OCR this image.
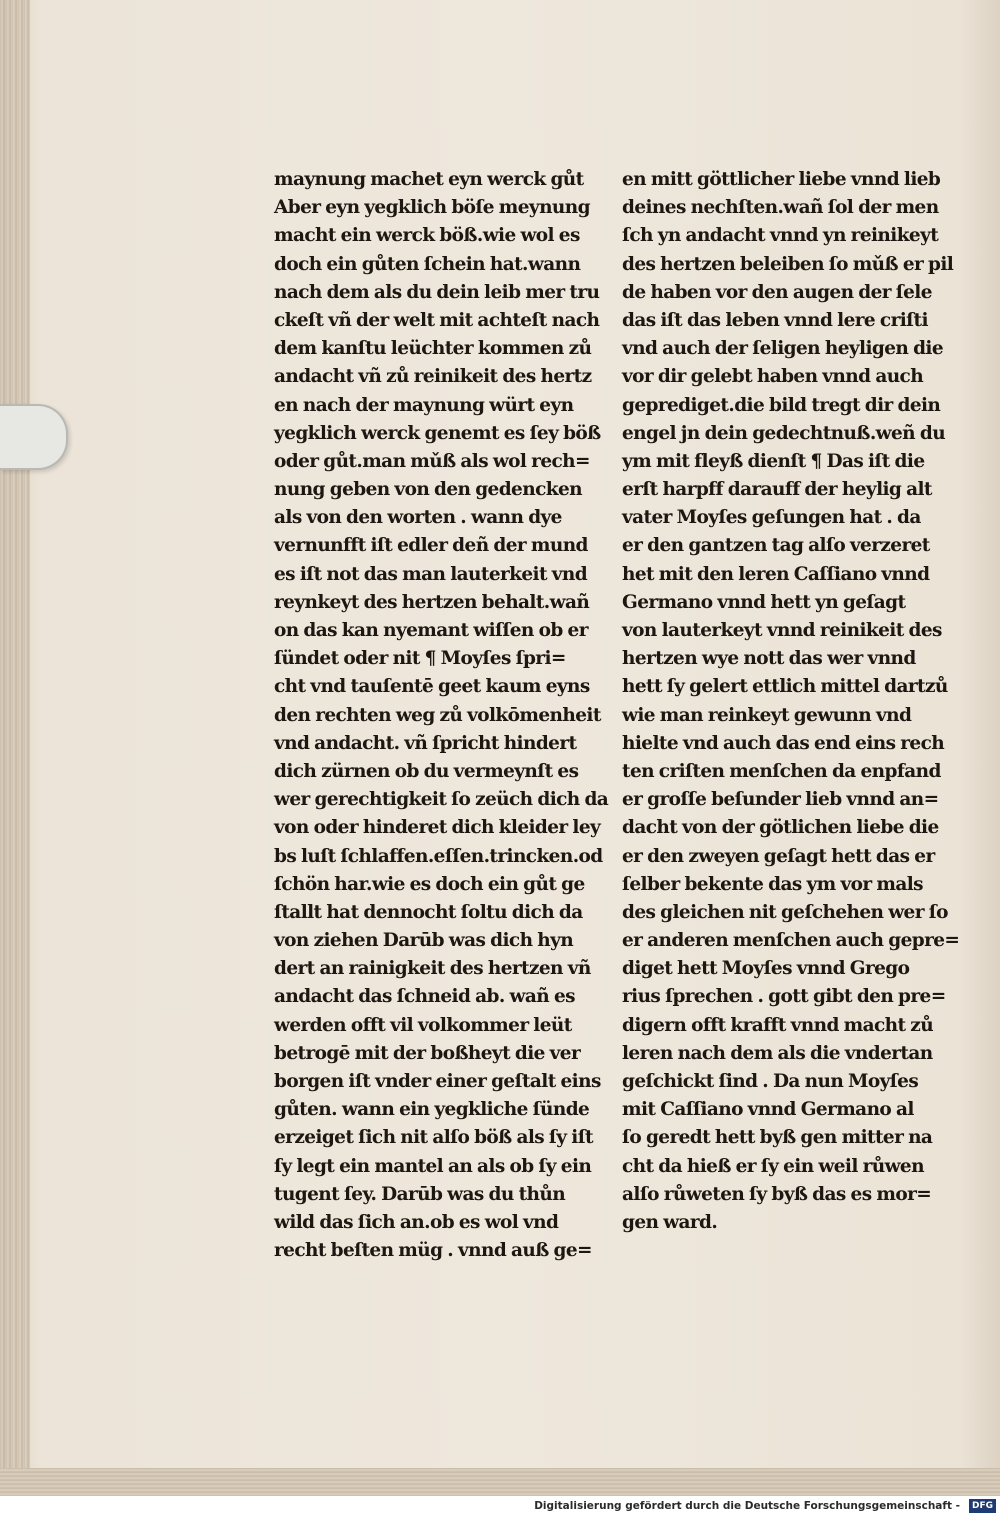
maynung machet eyn werck gůt
Aber eyn yegklich böſe meynung
macht ein werck böß.wie wol es
doch ein gůten ſchein hat.wann
nach dem als du dein leib mer tru
ckeſt vñ der welt mit achteſt nach
dem kanſtu leüchter kommen zů
andacht vñ zů reinikeit des hertz
en nach der maynung würt eyn
yegklich werck genemt es ſey böß
oder gůt.man mǔß als wol rech=
nung geben von den gedencken
als von den worten . wann dye
vernunfft iſt edler deñ der mund
es iſt not das man lauterkeit vnd
reynkeyt des hertzen behalt.wañ
on das kan nyemant wiſſen ob er
ſündet oder nit ¶ Moyſes ſpri=
cht vnd tauſentē geet kaum eyns
den rechten weg zů volkōmenheit
vnd andacht. vñ ſpricht hindert
dich zürnen ob du vermeynſt es
wer gerechtigkeit ſo zeüch dich da
von oder hinderet dich kleider ley
bs luſt ſchlaffen.eſſen.trincken.od
ſchön har.wie es doch ein gůt ge
ſtallt hat dennocht ſoltu dich da
von ziehen Darūb was dich hyn
dert an rainigkeit des hertzen vñ
andacht das ſchneid ab. wañ es
werden offt vil volkommer leüt
betrogē mit der boßheyt die ver
borgen iſt vnder einer geſtalt eins
gůten. wann ein yegkliche ſünde
erzeiget ſich nit alſo böß als ſy iſt
ſy legt ein mantel an als ob ſy ein
tugent ſey. Darūb was du thůn
wild das ſich an.ob es wol vnd
recht beſten müg . vnnd auß ge=
en mitt göttlicher liebe vnnd lieb
deines nechſten.wañ ſol der men
ſch yn andacht vnnd yn reinikeyt
des hertzen beleiben ſo mǔß er pil
de haben vor den augen der ſele
das iſt das leben vnnd lere criſti
vnd auch der ſeligen heyligen die
vor dir gelebt haben vnnd auch
geprediget.die bild tregt dir dein
engel jn dein gedechtnuß.weñ du
ym mit fleyß dienſt ¶ Das iſt die
erſt harpff darauff der heylig alt
vater Moyſes geſungen hat . da
er den gantzen tag alſo verzeret
het mit den leren Caſſiano vnnd
Germano vnnd hett yn geſagt
von lauterkeyt vnnd reinikeit des
hertzen wye nott das wer vnnd
hett ſy gelert ettlich mittel dartzů
wie man reinkeyt gewunn vnd
hielte vnd auch das end eins rech
ten criſten menſchen da enpfand
er groſſe beſunder lieb vnnd an=
dacht von der götlichen liebe die
er den zweyen geſagt hett das er
ſelber bekente das ym vor mals
des gleichen nit geſchehen wer ſo
er anderen menſchen auch gepre=
diget hett Moyſes vnnd Grego
rius ſprechen . gott gibt den pre=
digern offt krafft vnnd macht zů
leren nach dem als die vndertan
geſchickt ſind . Da nun Moyſes
mit Caſſiano vnnd Germano al
ſo geredt hett byß gen mitter na
cht da hieß er ſy ein weil růwen
alſo růweten ſy byß das es mor=
gen ward.
Digitalisierung gefördert durch die Deutsche Forschungsgemeinschaft -	DFG
